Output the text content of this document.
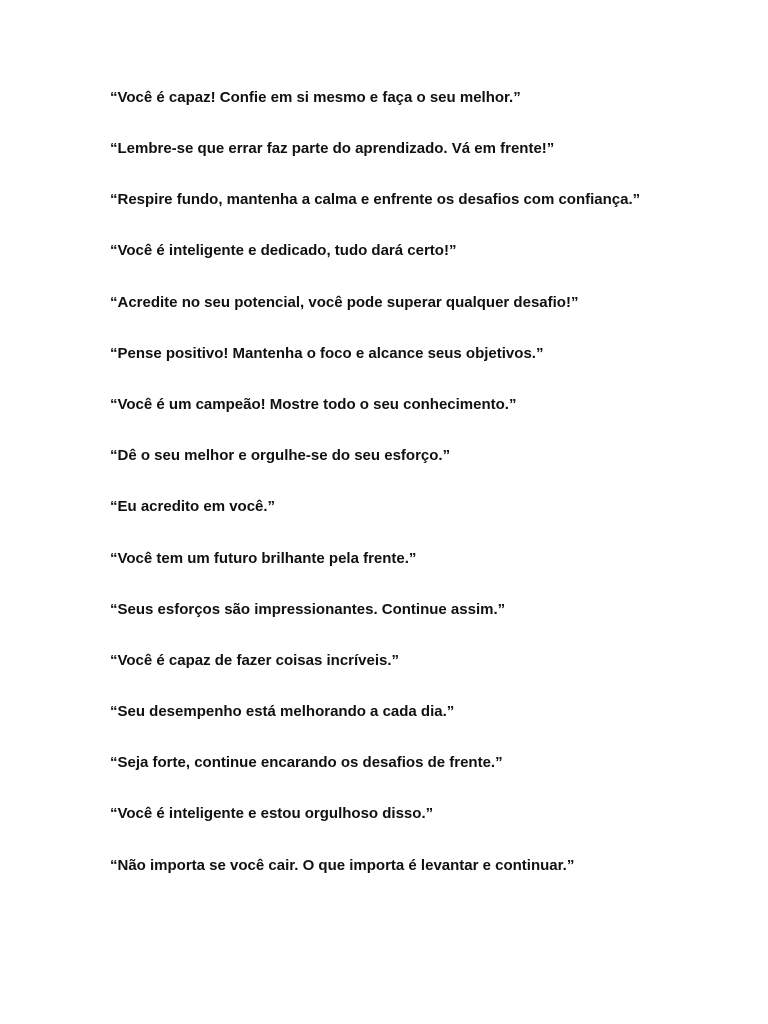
“Você é capaz! Confie em si mesmo e faça o seu melhor.”

“Lembre-se que errar faz parte do aprendizado. Vá em frente!”

“Respire fundo, mantenha a calma e enfrente os desafios com confiança.”

“Você é inteligente e dedicado, tudo dará certo!”

“Acredite no seu potencial, você pode superar qualquer desafio!”

“Pense positivo! Mantenha o foco e alcance seus objetivos.”

“Você é um campeão! Mostre todo o seu conhecimento.”

“Dê o seu melhor e orgulhe-se do seu esforço.”

“Eu acredito em você.”

“Você tem um futuro brilhante pela frente.”

“Seus esforços são impressionantes. Continue assim.”

“Você é capaz de fazer coisas incríveis.”

“Seu desempenho está melhorando a cada dia.”

“Seja forte, continue encarando os desafios de frente.”

“Você é inteligente e estou orgulhoso disso.”

“Não importa se você cair. O que importa é levantar e continuar.”
